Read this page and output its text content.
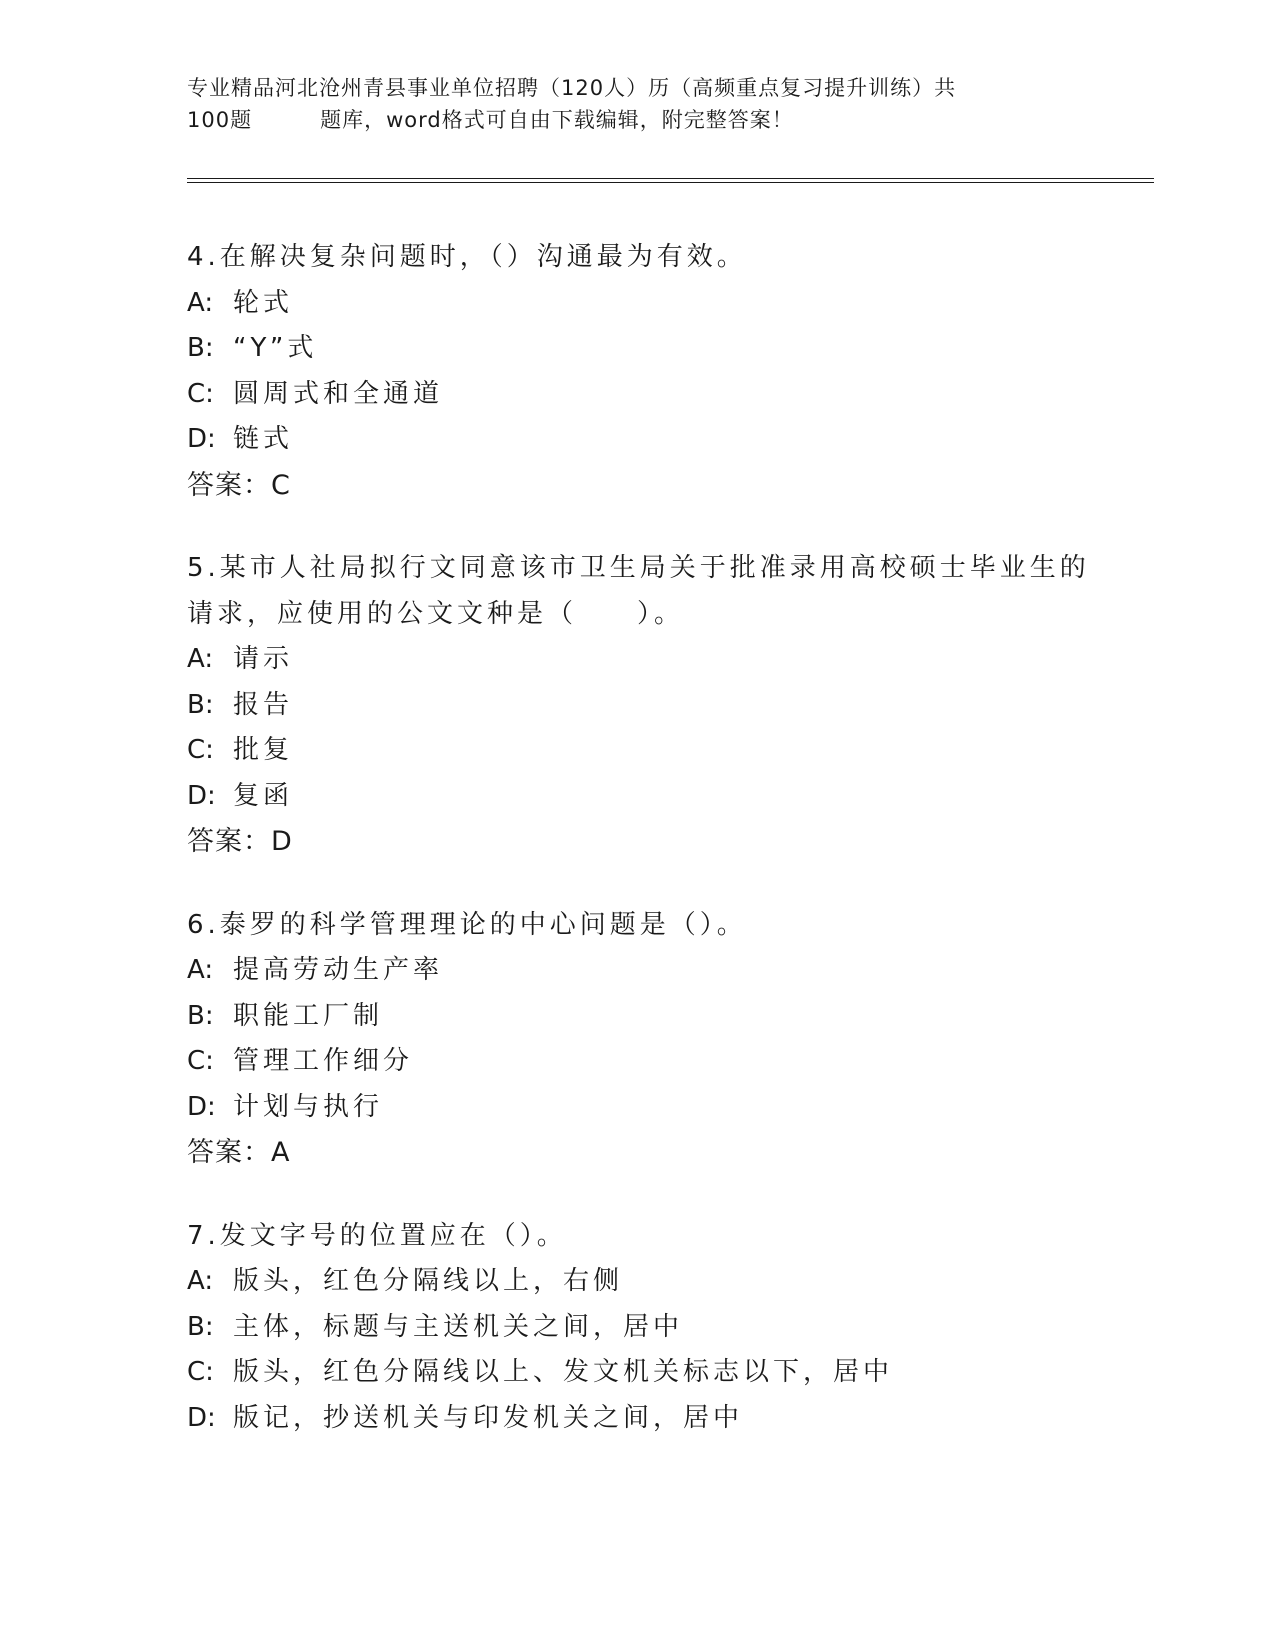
专业精品河北沧州青县事业单位招聘（120人）历（高频重点复习提升训练）共
100题	题库，word格式可自由下载编辑，附完整答案！
4.在解决复杂问题时，（）沟通最为有效。
A: 轮式
B: “Y”式
C: 圆周式和全通道
D: 链式
答案：C
5.某市人社局拟行文同意该市卫生局关于批准录用高校硕士毕业生的
请求，应使用的公文文种是（　　）。
A: 请示
B: 报告
C: 批复
D: 复函
答案：D
6.泰罗的科学管理理论的中心问题是（）。
A: 提高劳动生产率
B: 职能工厂制
C: 管理工作细分
D: 计划与执行
答案：A
7.发文字号的位置应在（）。
A: 版头，红色分隔线以上，右侧
B: 主体，标题与主送机关之间，居中
C: 版头，红色分隔线以上、发文机关标志以下，居中
D: 版记，抄送机关与印发机关之间，居中
